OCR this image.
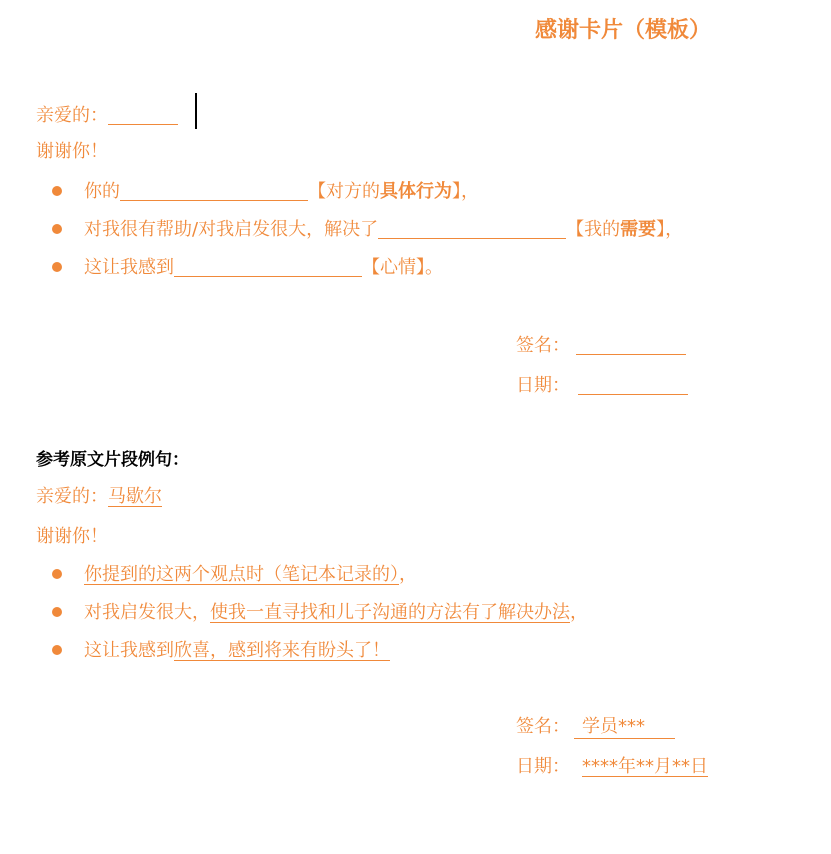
感谢卡片（模板）
亲爱的：
谢谢你！
你的	【对方的具体行为】，
对我很有帮助/对我启发很大，解决了	【我的需要】，
这让我感到	【心情】。
签名：
日期：
参考原文片段例句：
亲爱的：马歇尔
谢谢你！
你提到的这两个观点时（笔记本记录的），
对我启发很大，使我一直寻找和儿子沟通的方法有了解决办法，
这让我感到欣喜，感到将来有盼头了！
签名： 学员***
日期： ****年**月**日
